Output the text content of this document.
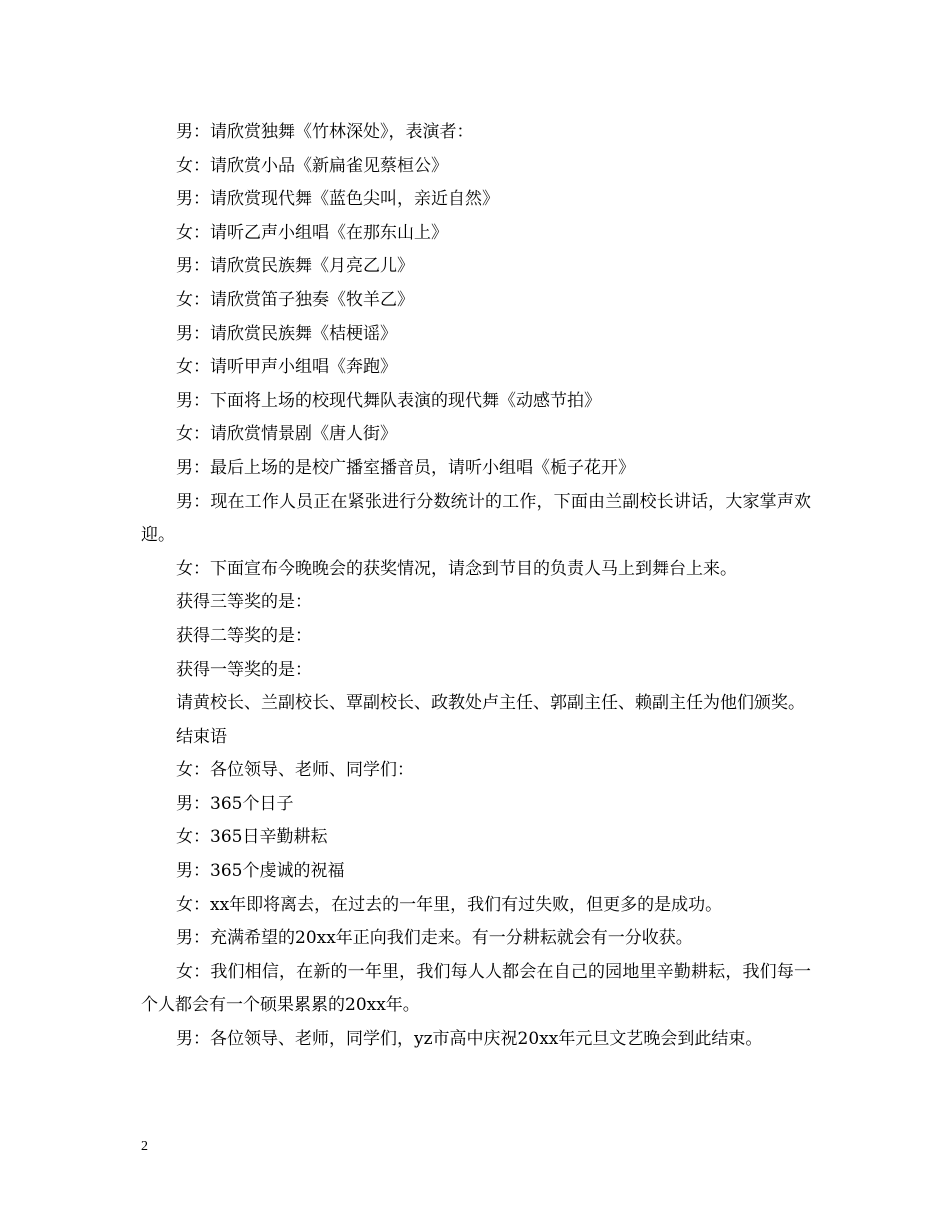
男：请欣赏独舞《竹林深处》，表演者：

女：请欣赏小品《新扁雀见蔡桓公》

男：请欣赏现代舞《蓝色尖叫，亲近自然》

女：请听乙声小组唱《在那东山上》

男：请欣赏民族舞《月亮乙儿》

女：请欣赏笛子独奏《牧羊乙》

男：请欣赏民族舞《桔梗谣》

女：请听甲声小组唱《奔跑》

男：下面将上场的校现代舞队表演的现代舞《动感节拍》

女：请欣赏情景剧《唐人街》

男：最后上场的是校广播室播音员，请听小组唱《栀子花开》

男：现在工作人员正在紧张进行分数统计的工作，下面由兰副校长讲话，大家掌声欢迎。

女：下面宣布今晚晚会的获奖情况，请念到节目的负责人马上到舞台上来。

获得三等奖的是：

获得二等奖的是：

获得一等奖的是：

请黄校长、兰副校长、覃副校长、政教处卢主任、郭副主任、赖副主任为他们颁奖。

结束语

女：各位领导、老师、同学们：

男：365个日子

女：365日辛勤耕耘

男：365个虔诚的祝福

女：xx年即将离去，在过去的一年里，我们有过失败，但更多的是成功。

男：充满希望的20xx年正向我们走来。有一分耕耘就会有一分收获。

女：我们相信，在新的一年里，我们每人人都会在自己的园地里辛勤耕耘，我们每一个人都会有一个硕果累累的20xx年。

男：各位领导、老师，同学们，yz市高中庆祝20xx年元旦文艺晚会到此结束。

2
